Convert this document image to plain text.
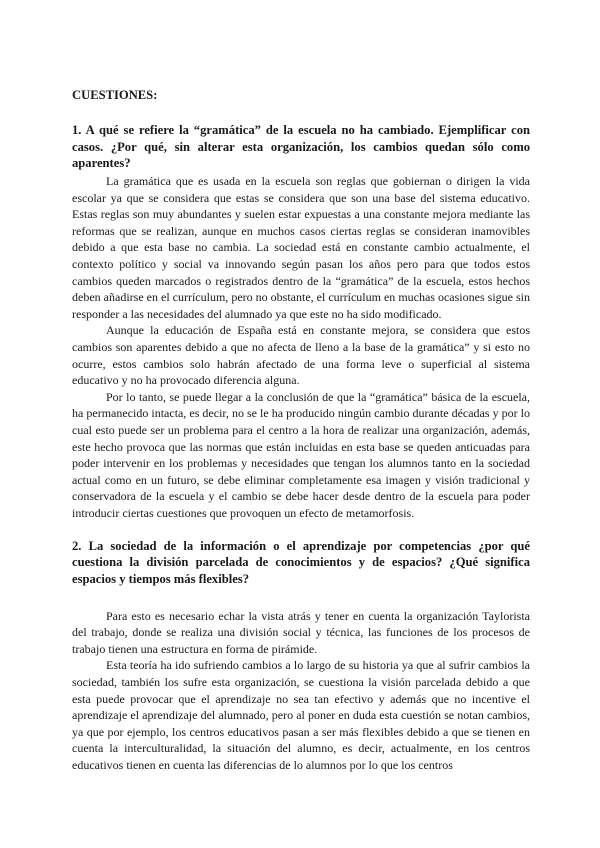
CUESTIONES:

1. A qué se refiere la “gramática” de la escuela no ha cambiado. Ejemplificar con casos. ¿Por qué, sin alterar esta organización, los cambios quedan sólo como aparentes?

La gramática que es usada en la escuela son reglas que gobiernan o dirigen la vida escolar ya que se considera que estas se considera que son una base del sistema educativo. Estas reglas son muy abundantes y suelen estar expuestas a una constante mejora mediante las reformas que se realizan, aunque en muchos casos ciertas reglas se consideran inamovibles debido a que esta base no cambia. La sociedad está en constante cambio actualmente, el contexto político y social va innovando según pasan los años pero para que todos estos cambios queden marcados o registrados dentro de la “gramática” de la escuela, estos hechos deben añadirse en el currículum, pero no obstante, el currículum en muchas ocasiones sigue sin responder a las necesidades del alumnado ya que este no ha sido modificado.

Aunque la educación de España está en constante mejora, se considera que estos cambios son aparentes debido a que no afecta de lleno a la base de la gramática” y si esto no ocurre, estos cambios solo habrán afectado de una forma leve o superficial al sistema educativo y no ha provocado diferencia alguna.

Por lo tanto, se puede llegar a la conclusión de que la “gramática” básica de la escuela, ha permanecido intacta, es decir, no se le ha producido ningún cambio durante décadas y por lo cual esto puede ser un problema para el centro a la hora de realizar una organización, además, este hecho provoca que las normas que están incluidas en esta base se queden anticuadas para poder intervenir en los problemas y necesidades que tengan los alumnos tanto en la sociedad actual como en un futuro, se debe eliminar completamente esa imagen y visión tradicional y conservadora de la escuela y el cambio se debe hacer desde dentro de la escuela para poder introducir ciertas cuestiones que provoquen un efecto de metamorfosis.

2. La sociedad de la información o el aprendizaje por competencias ¿por qué cuestiona la división parcelada de conocimientos y de espacios? ¿Qué significa espacios y tiempos más flexibles?

Para esto es necesario echar la vista atrás y tener en cuenta la organización Taylorista del trabajo, donde se realiza una división social y técnica, las funciones de los procesos de trabajo tienen una estructura en forma de pirámide.

Esta teoría ha ido sufriendo cambios a lo largo de su historia ya que al sufrir cambios la sociedad, también los sufre esta organización, se cuestiona la visión parcelada debido a que esta puede provocar que el aprendizaje no sea tan efectivo y además que no incentive el aprendizaje el aprendizaje del alumnado, pero al poner en duda esta cuestión se notan cambios, ya que por ejemplo, los centros educativos pasan a ser más flexibles debido a que se tienen en cuenta la interculturalidad, la situación del alumno, es decir, actualmente, en los centros educativos tienen en cuenta las diferencias de lo alumnos por lo que los centros
